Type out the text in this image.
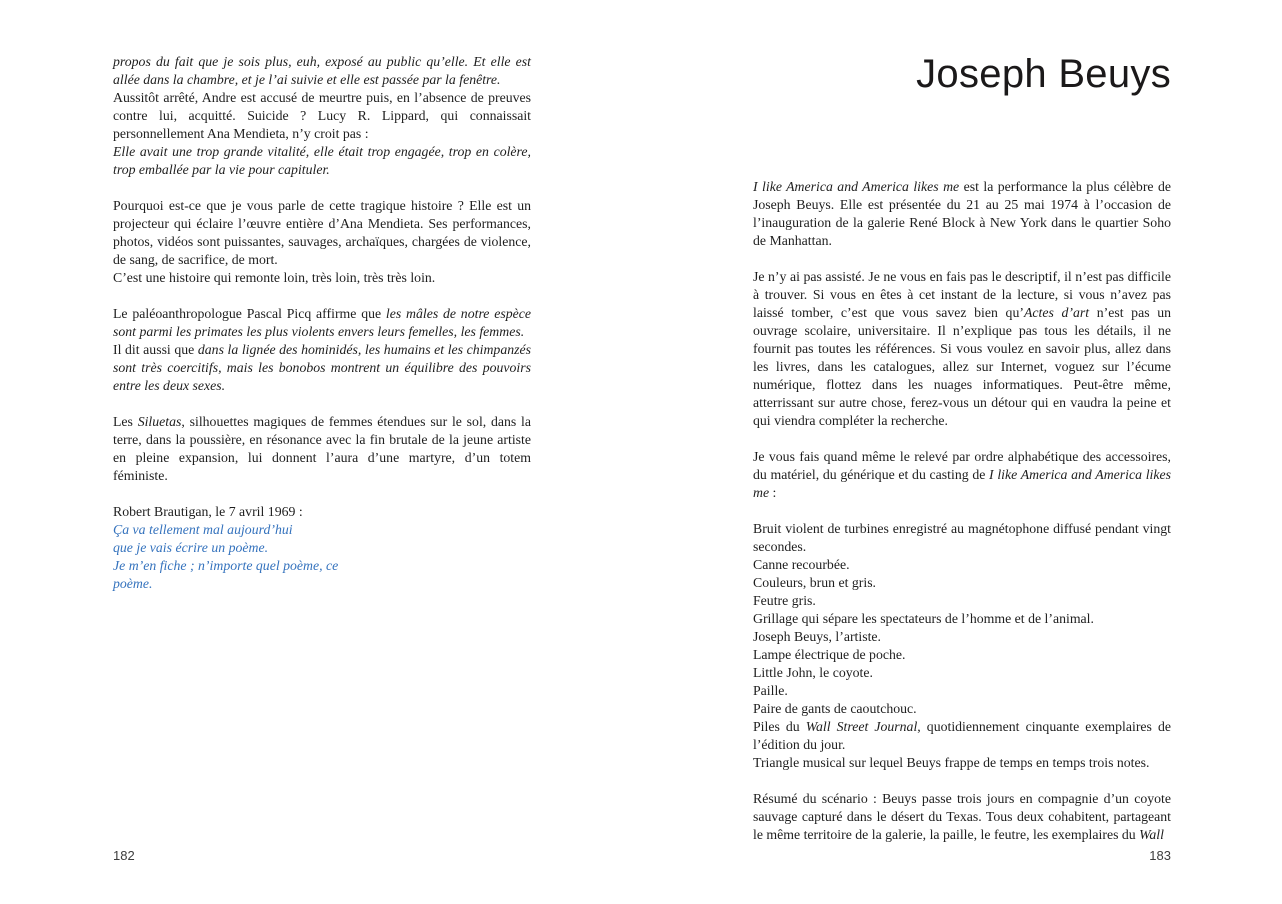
propos du fait que je sois plus, euh, exposé au public qu’elle. Et elle est allée dans la chambre, et je l’ai suivie et elle est passée par la fenêtre.

Aussitôt arrêté, Andre est accusé de meurtre puis, en l’absence de preuves contre lui, acquitté. Suicide ? Lucy R. Lippard, qui connaissait personnellement Ana Mendieta, n’y croit pas :

Elle avait une trop grande vitalité, elle était trop engagée, trop en colère, trop emballée par la vie pour capituler.

Pourquoi est-ce que je vous parle de cette tragique histoire ? Elle est un projecteur qui éclaire l’œuvre entière d’Ana Mendieta. Ses performances, photos, vidéos sont puissantes, sauvages, archaïques, chargées de violence, de sang, de sacrifice, de mort.

C’est une histoire qui remonte loin, très loin, très très loin.

Le paléoanthropologue Pascal Picq affirme que les mâles de notre espèce sont parmi les primates les plus violents envers leurs femelles, les femmes.

Il dit aussi que dans la lignée des hominidés, les humains et les chimpanzés sont très coercitifs, mais les bonobos montrent un équilibre des pouvoirs entre les deux sexes.

Les Siluetas, silhouettes magiques de femmes étendues sur le sol, dans la terre, dans la poussière, en résonance avec la fin brutale de la jeune artiste en pleine expansion, lui donnent l’aura d’une martyre, d’un totem féministe.

Robert Brautigan, le 7 avril 1969 :

Ça va tellement mal aujourd’hui

que je vais écrire un poème.

Je m’en fiche ; n’importe quel poème, ce

poème.

182
Joseph Beuys

I like America and America likes me est la performance la plus célèbre de Joseph Beuys. Elle est présentée du 21 au 25 mai 1974 à l’occasion de l’inauguration de la galerie René Block à New York dans le quartier Soho de Manhattan.

Je n’y ai pas assisté. Je ne vous en fais pas le descriptif, il n’est pas difficile à trouver. Si vous en êtes à cet instant de la lecture, si vous n’avez pas laissé tomber, c’est que vous savez bien qu’Actes d’art n’est pas un ouvrage scolaire, universitaire. Il n’explique pas tous les détails, il ne fournit pas toutes les références. Si vous voulez en savoir plus, allez dans les livres, dans les catalogues, allez sur Internet, voguez sur l’écume numérique, flottez dans les nuages informatiques. Peut-être même, atterrissant sur autre chose, ferez-vous un détour qui en vaudra la peine et qui viendra compléter la recherche.

Je vous fais quand même le relevé par ordre alphabétique des accessoires, du matériel, du générique et du casting de I like America and America likes me :

Bruit violent de turbines enregistré au magnétophone diffusé pendant vingt secondes.

Canne recourbée.

Couleurs, brun et gris.

Feutre gris.

Grillage qui sépare les spectateurs de l’homme et de l’animal.

Joseph Beuys, l’artiste.

Lampe électrique de poche.

Little John, le coyote.

Paille.

Paire de gants de caoutchouc.

Piles du Wall Street Journal, quotidiennement cinquante exemplaires de l’édition du jour.

Triangle musical sur lequel Beuys frappe de temps en temps trois notes.

Résumé du scénario : Beuys passe trois jours en compagnie d’un coyote sauvage capturé dans le désert du Texas. Tous deux cohabitent, partageant le même territoire de la galerie, la paille, le feutre, les exemplaires du Wall

183
